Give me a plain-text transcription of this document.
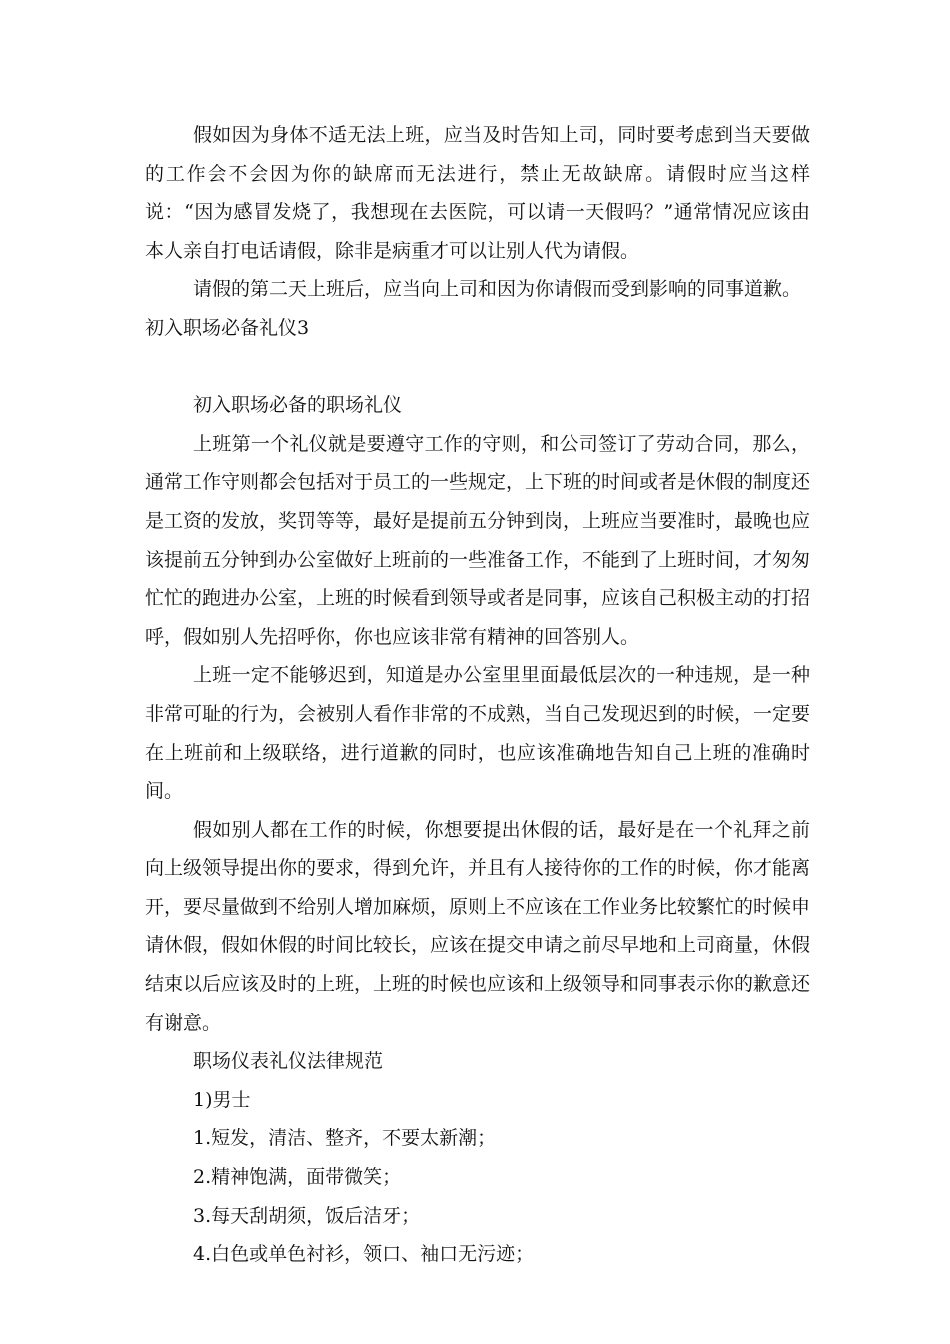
假如因为身体不适无法上班，应当及时告知上司，同时要考虑到当天要做的工作会不会因为你的缺席而无法进行，禁止无故缺席。请假时应当这样说：“因为感冒发烧了，我想现在去医院，可以请一天假吗？”通常情况应该由本人亲自打电话请假，除非是病重才可以让别人代为请假。

请假的第二天上班后，应当向上司和因为你请假而受到影响的同事道歉。

初入职场必备礼仪3

初入职场必备的职场礼仪

上班第一个礼仪就是要遵守工作的守则，和公司签订了劳动合同，那么，通常工作守则都会包括对于员工的一些规定，上下班的时间或者是休假的制度还是工资的发放，奖罚等等，最好是提前五分钟到岗，上班应当要准时，最晚也应该提前五分钟到办公室做好上班前的一些准备工作，不能到了上班时间，才匆匆忙忙的跑进办公室，上班的时候看到领导或者是同事，应该自己积极主动的打招呼，假如别人先招呼你，你也应该非常有精神的回答别人。

上班一定不能够迟到，知道是办公室里里面最低层次的一种违规，是一种非常可耻的行为，会被别人看作非常的不成熟，当自己发现迟到的时候，一定要在上班前和上级联络，进行道歉的同时，也应该准确地告知自己上班的准确时间。

假如别人都在工作的时候，你想要提出休假的话，最好是在一个礼拜之前向上级领导提出你的要求，得到允许，并且有人接待你的工作的时候，你才能离开，要尽量做到不给别人增加麻烦，原则上不应该在工作业务比较繁忙的时候申请休假，假如休假的时间比较长，应该在提交申请之前尽早地和上司商量，休假结束以后应该及时的上班，上班的时候也应该和上级领导和同事表示你的歉意还有谢意。

职场仪表礼仪法律规范

1)男士

1.短发，清洁、整齐，不要太新潮；

2.精神饱满，面带微笑；

3.每天刮胡须，饭后洁牙；

4.白色或单色衬衫，领口、袖口无污迹；
